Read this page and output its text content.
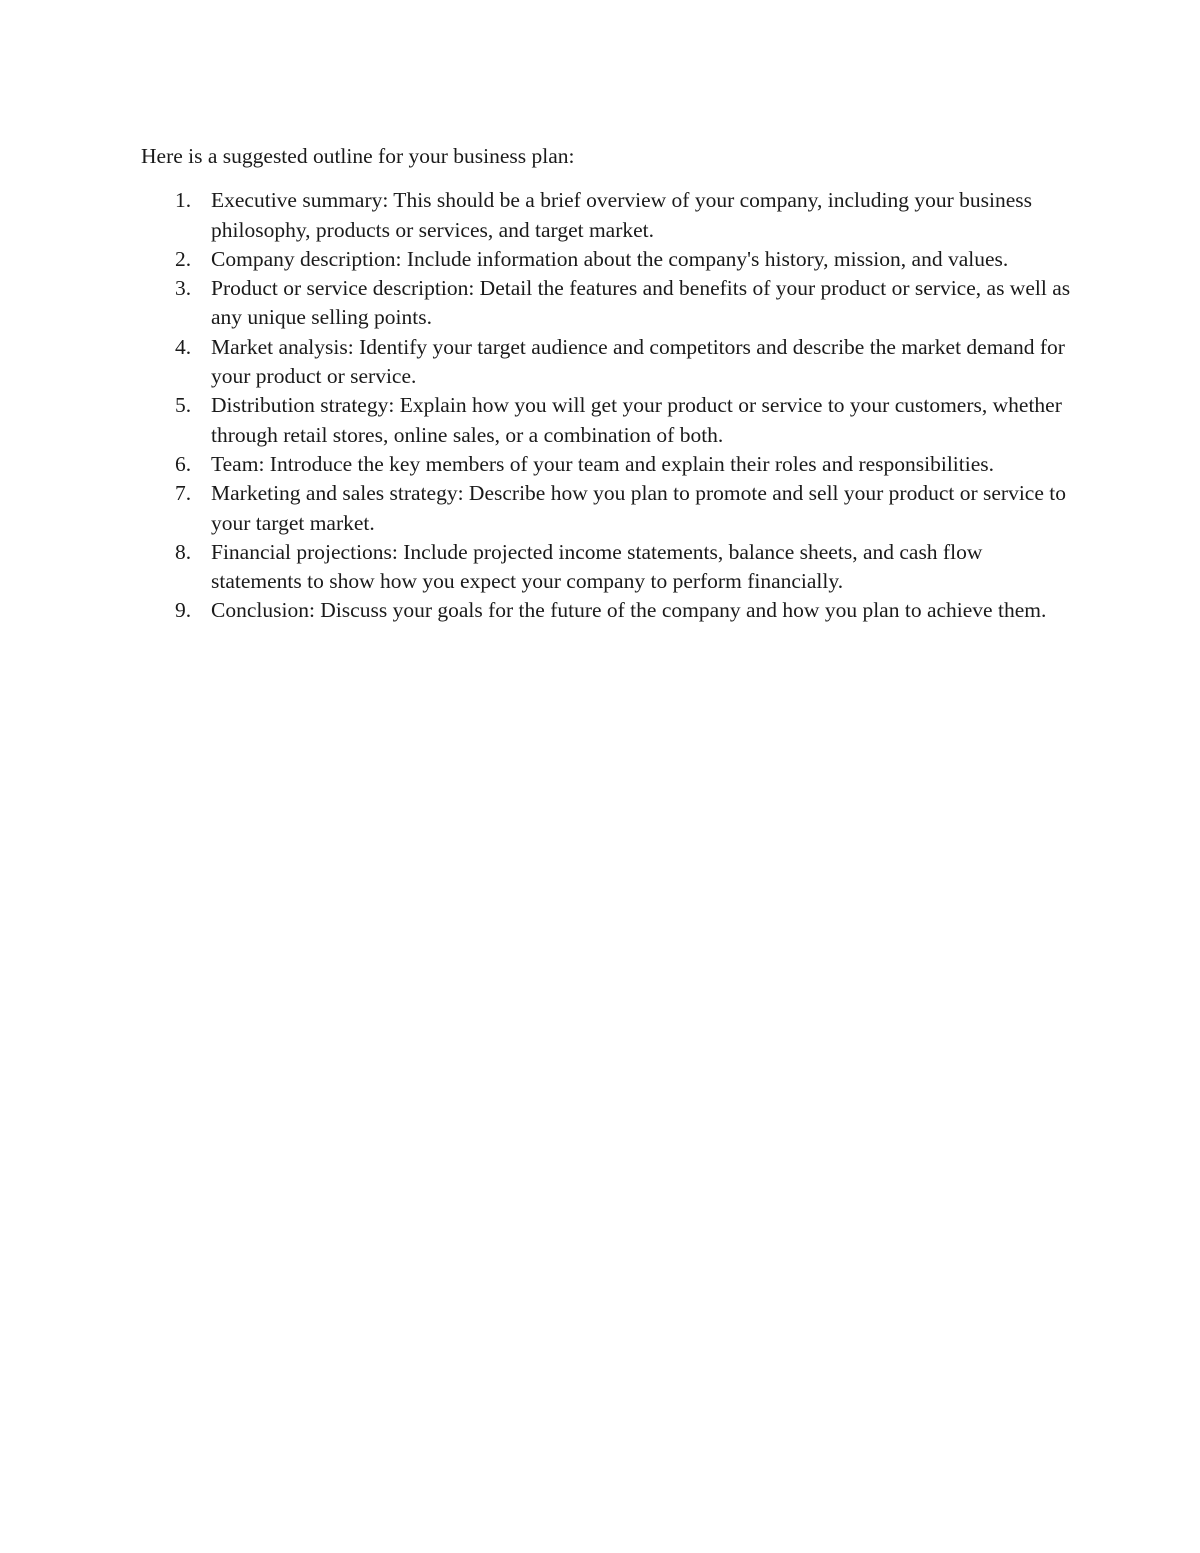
Here is a suggested outline for your business plan:

1. Executive summary: This should be a brief overview of your company, including your business philosophy, products or services, and target market.
2. Company description: Include information about the company's history, mission, and values.
3. Product or service description: Detail the features and benefits of your product or service, as well as any unique selling points.
4. Market analysis: Identify your target audience and competitors and describe the market demand for your product or service.
5. Distribution strategy: Explain how you will get your product or service to your customers, whether through retail stores, online sales, or a combination of both.
6. Team: Introduce the key members of your team and explain their roles and responsibilities.
7. Marketing and sales strategy: Describe how you plan to promote and sell your product or service to your target market.
8. Financial projections: Include projected income statements, balance sheets, and cash flow statements to show how you expect your company to perform financially.
9. Conclusion: Discuss your goals for the future of the company and how you plan to achieve them.
